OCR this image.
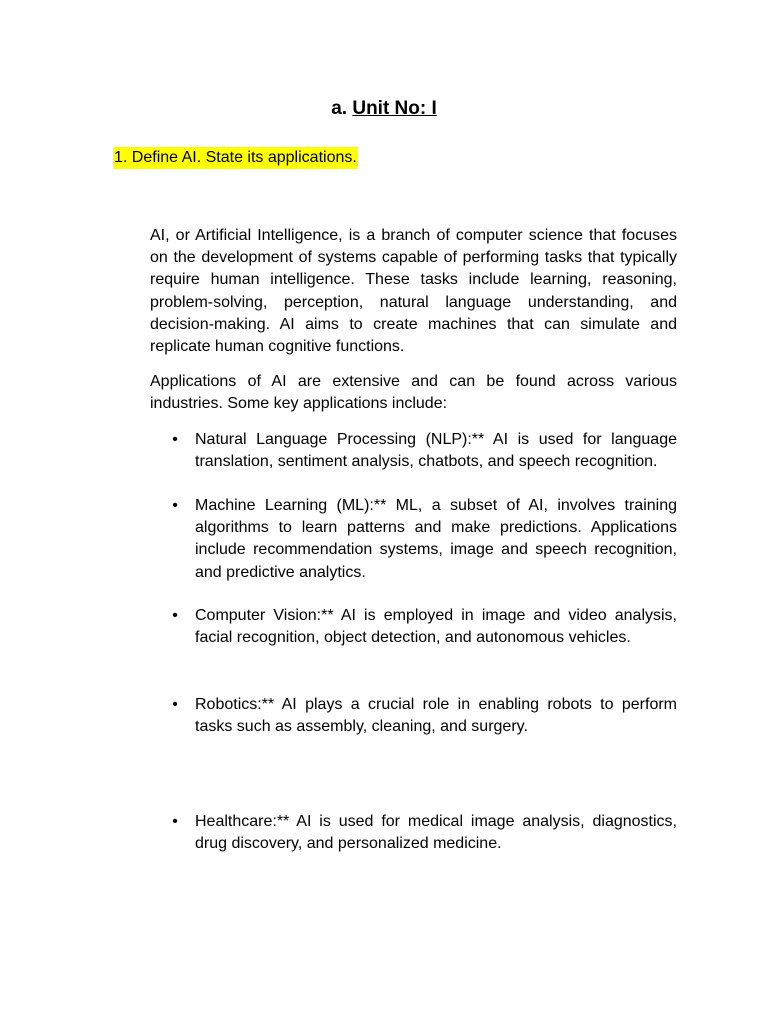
a. Unit No: I
1. Define AI. State its applications.

AI, or Artificial Intelligence, is a branch of computer science that focuses on the development of systems capable of performing tasks that typically require human intelligence. These tasks include learning, reasoning, problem-solving, perception, natural language understanding, and decision-making. AI aims to create machines that can simulate and replicate human cognitive functions.

Applications of AI are extensive and can be found across various industries. Some key applications include:

• Natural Language Processing (NLP):** AI is used for language translation, sentiment analysis, chatbots, and speech recognition.
• Machine Learning (ML):** ML, a subset of AI, involves training algorithms to learn patterns and make predictions. Applications include recommendation systems, image and speech recognition, and predictive analytics.
• Computer Vision:** AI is employed in image and video analysis, facial recognition, object detection, and autonomous vehicles.
• Robotics:** AI plays a crucial role in enabling robots to perform tasks such as assembly, cleaning, and surgery.
• Healthcare:** AI is used for medical image analysis, diagnostics, drug discovery, and personalized medicine.
